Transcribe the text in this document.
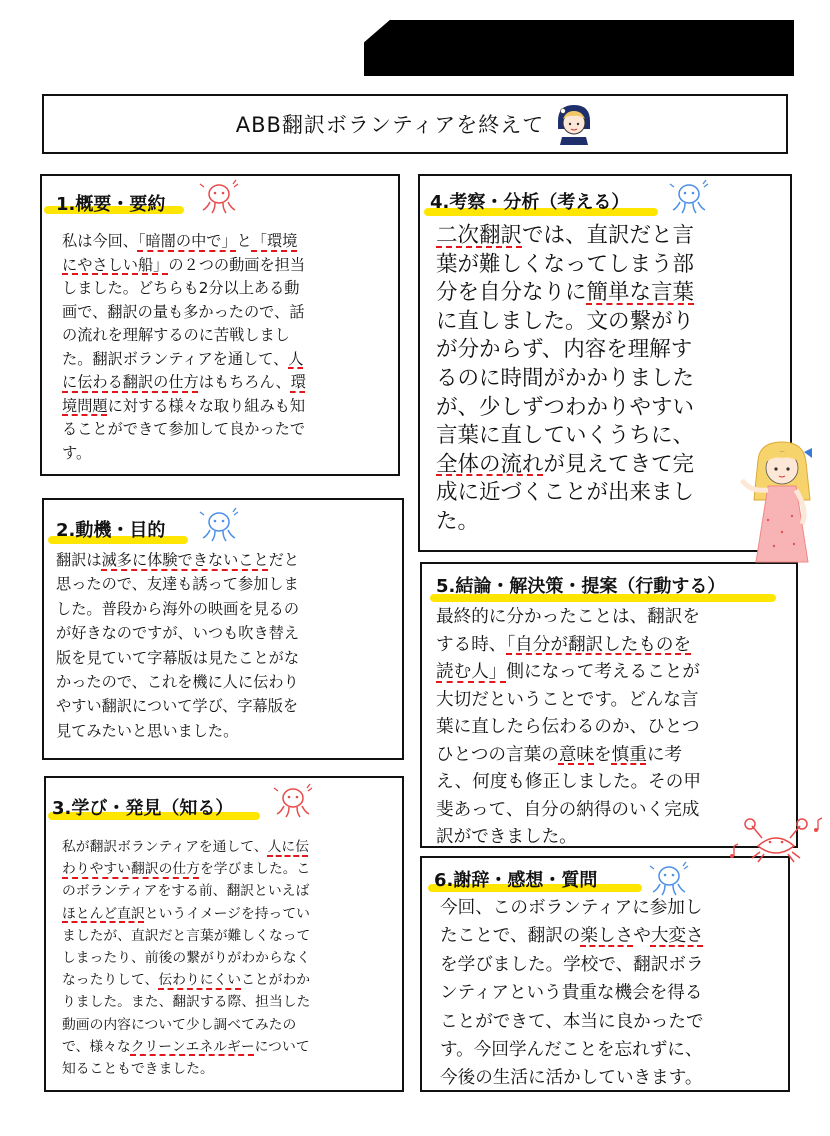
ABB翻訳ボランティアを終えて
1.概要・要約
私は今回、「暗闇の中で」と「環境
にやさしい船」の２つの動画を担当
しました。どちらも2分以上ある動
画で、翻訳の量も多かったので、話
の流れを理解するのに苦戦しまし
た。翻訳ボランティアを通して、人
に伝わる翻訳の仕方はもちろん、環
境問題に対する様々な取り組みも知
ることができて参加して良かったで
す。
2.動機・目的
翻訳は滅多に体験できないことだと
思ったので、友達も誘って参加しま
した。普段から海外の映画を見るの
が好きなのですが、いつも吹き替え
版を見ていて字幕版は見たことがな
かったので、これを機に人に伝わり
やすい翻訳について学び、字幕版を
見てみたいと思いました。
3.学び・発見（知る）
私が翻訳ボランティアを通して、人に伝
わりやすい翻訳の仕方を学びました。こ
のボランティアをする前、翻訳といえば
ほとんど直訳というイメージを持ってい
ましたが、直訳だと言葉が難しくなって
しまったり、前後の繋がりがわからなく
なったりして、伝わりにくいことがわか
りました。また、翻訳する際、担当した
動画の内容について少し調べてみたの
で、様々なクリーンエネルギーについて
知ることもできました。
4.考察・分析（考える）
二次翻訳では、直訳だと言
葉が難しくなってしまう部
分を自分なりに簡単な言葉
に直しました。文の繋がり
が分からず、内容を理解す
るのに時間がかかりました
が、少しずつわかりやすい
言葉に直していくうちに、
全体の流れが見えてきて完
成に近づくことが出来まし
た。
5.結論・解決策・提案（行動する）
最終的に分かったことは、翻訳を
する時、「自分が翻訳したものを
読む人」側になって考えることが
大切だということです。どんな言
葉に直したら伝わるのか、ひとつ
ひとつの言葉の意味を慎重に考
え、何度も修正しました。その甲
斐あって、自分の納得のいく完成
訳ができました。
6.謝辞・感想・質問
今回、このボランティアに参加し
たことで、翻訳の楽しさや大変さ
を学びました。学校で、翻訳ボラ
ンティアという貴重な機会を得る
ことができて、本当に良かったで
す。今回学んだことを忘れずに、
今後の生活に活かしていきます。
